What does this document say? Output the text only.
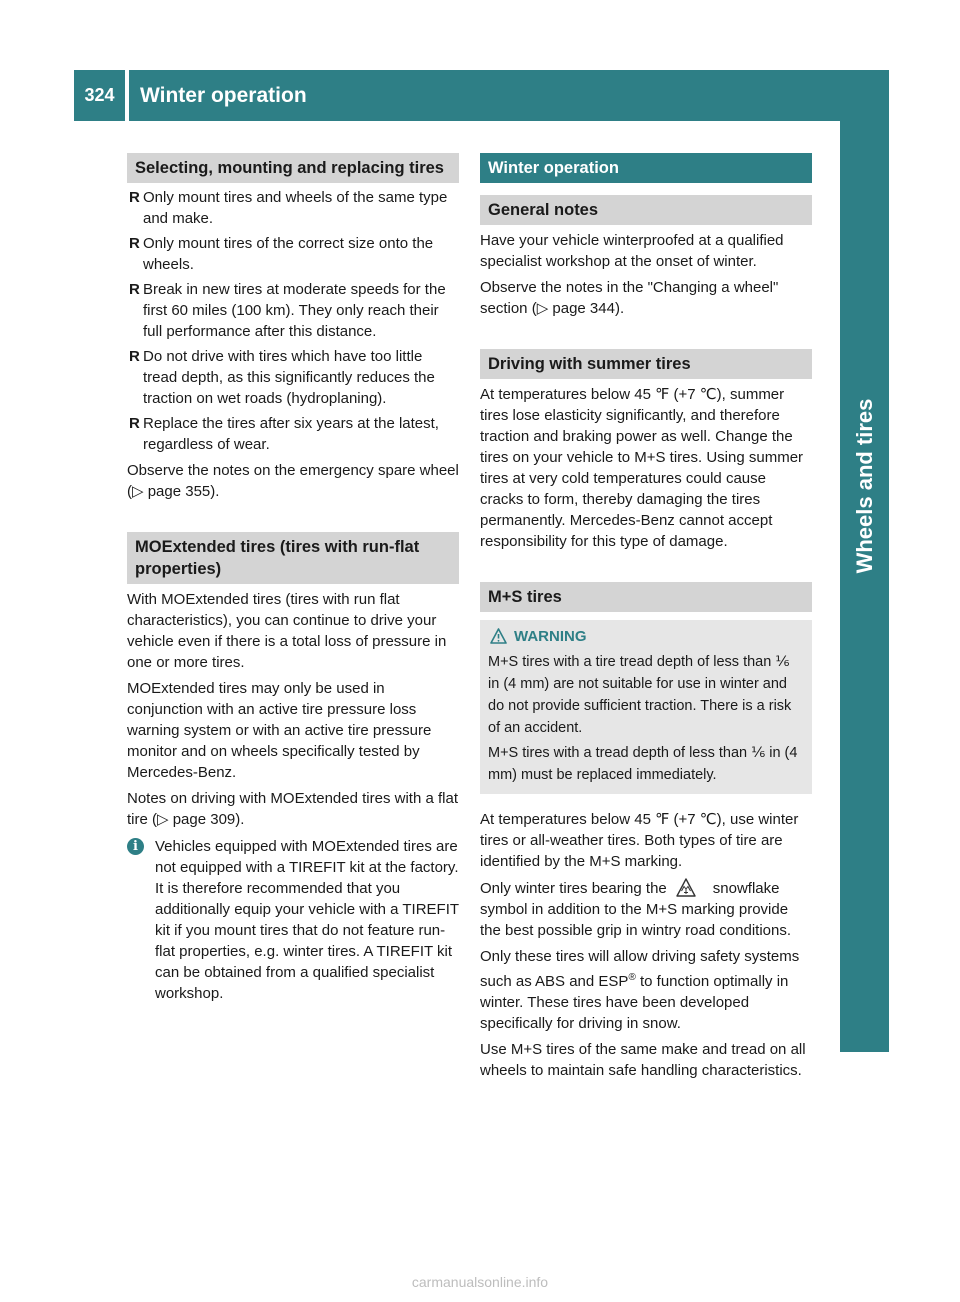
324	Winter operation
Wheels and tires
Selecting, mounting and replacing tires
R Only mount tires and wheels of the same type and make.
R Only mount tires of the correct size onto the wheels.
R Break in new tires at moderate speeds for the first 60 miles (100 km). They only reach their full performance after this distance.
R Do not drive with tires which have too little tread depth, as this significantly reduces the traction on wet roads (hydroplaning).
R Replace the tires after six years at the latest, regardless of wear.

Observe the notes on the emergency spare wheel (▷ page 355).

MOExtended tires (tires with run-flat properties)

With MOExtended tires (tires with run flat characteristics), you can continue to drive your vehicle even if there is a total loss of pressure in one or more tires.

MOExtended tires may only be used in conjunction with an active tire pressure loss warning system or with an active tire pressure monitor and on wheels specifically tested by Mercedes-Benz.

Notes on driving with MOExtended tires with a flat tire (▷ page 309).

i	Vehicles equipped with MOExtended tires are not equipped with a TIREFIT kit at the factory. It is therefore recommended that you additionally equip your vehicle with a TIREFIT kit if you mount tires that do not feature run-flat properties, e.g. winter tires. A TIREFIT kit can be obtained from a qualified specialist workshop.
Winter operation
General notes

Have your vehicle winterproofed at a qualified specialist workshop at the onset of winter.

Observe the notes in the "Changing a wheel" section (▷ page 344).

Driving with summer tires

At temperatures below 45 ℉ (+7 ℃), summer tires lose elasticity significantly, and therefore traction and braking power as well. Change the tires on your vehicle to M+S tires. Using summer tires at very cold temperatures could cause cracks to form, thereby damaging the tires permanently. Mercedes-Benz cannot accept responsibility for this type of damage.

M+S tires
WARNING

M+S tires with a tire tread depth of less than ⅙ in (4 mm) are not suitable for use in winter and do not provide sufficient traction. There is a risk of an accident.

M+S tires with a tread depth of less than ⅙ in (4 mm) must be replaced immediately.

At temperatures below 45 ℉ (+7 ℃), use winter tires or all-weather tires. Both types of tire are identified by the M+S marking.

Only winter tires bearing the	snowflake symbol in addition to the M+S marking provide the best possible grip in wintry road conditions.

Only these tires will allow driving safety systems such as ABS and ESP® to function optimally in winter. These tires have been developed specifically for driving in snow.

Use M+S tires of the same make and tread on all wheels to maintain safe handling characteristics.

carmanualsonline.info
